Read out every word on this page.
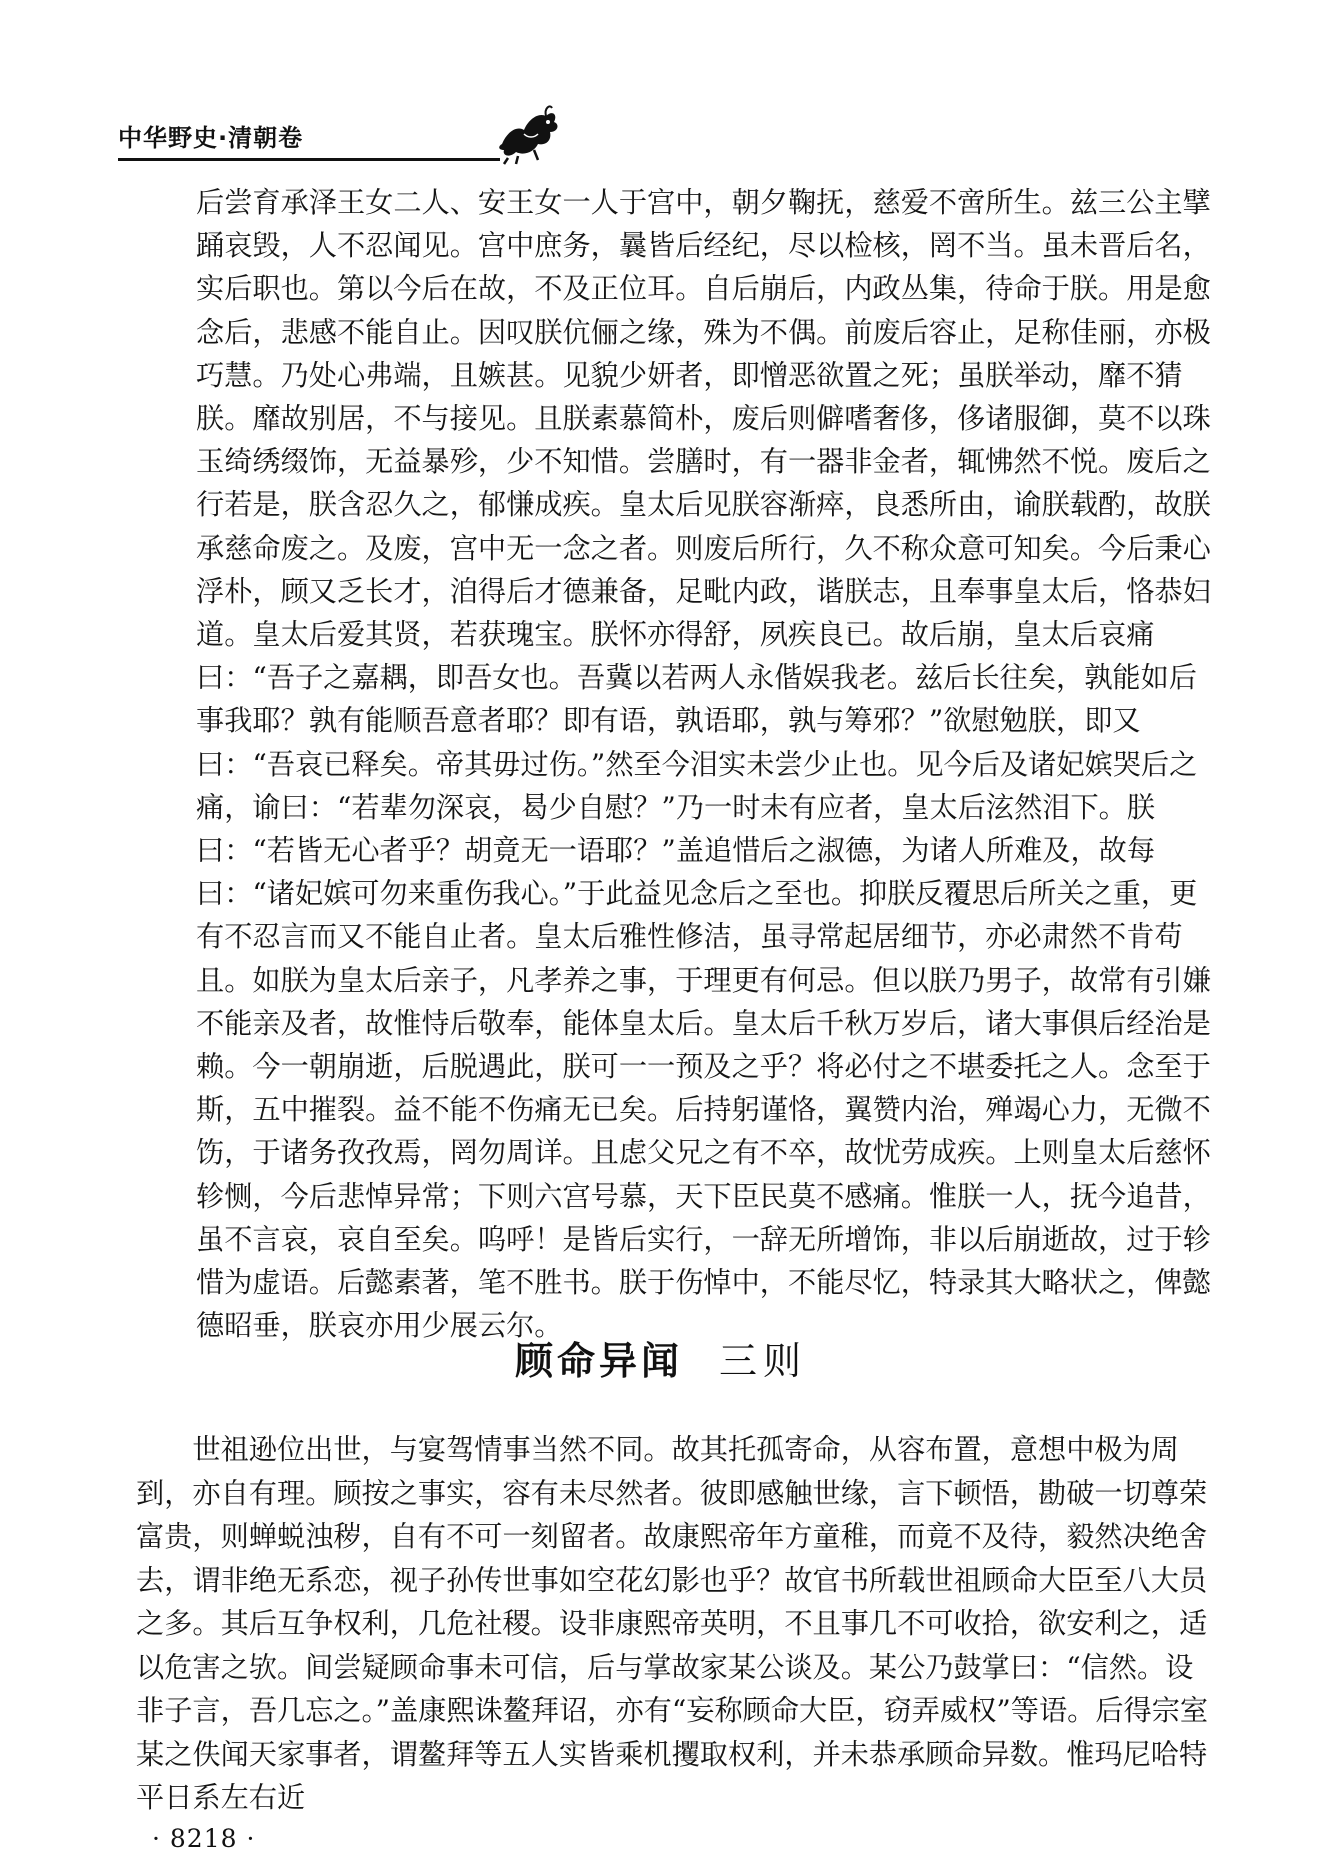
中华野史·清朝卷

后尝育承泽王女二人、安王女一人于宫中，朝夕鞠抚，慈爱不啻所生。兹三公主擘踊哀毁，人不忍闻见。宫中庶务，曩皆后经纪，尽以检核，罔不当。虽未晋后名，实后职也。第以今后在故，不及正位耳。自后崩后，内政丛集，待命于朕。用是愈念后，悲感不能自止。因叹朕伉俪之缘，殊为不偶。前废后容止，足称佳丽，亦极巧慧。乃处心弗端，且嫉甚。见貌少妍者，即憎恶欲置之死；虽朕举动，靡不猜朕。靡故别居，不与接见。且朕素慕简朴，废后则僻嗜奢侈，侈诸服御，莫不以珠玉绮绣缀饰，无益暴殄，少不知惜。尝膳时，有一器非金者，辄怫然不悦。废后之行若是，朕含忍久之，郁慊成疾。皇太后见朕容渐瘁，良悉所由，谕朕载酌，故朕承慈命废之。及废，宫中无一念之者。则废后所行，久不称众意可知矣。今后秉心浮朴，顾又乏长才，洎得后才德兼备，足毗内政，谐朕志，且奉事皇太后，恪恭妇道。皇太后爱其贤，若获瑰宝。朕怀亦得舒，夙疾良已。故后崩，皇太后哀痛曰：“吾子之嘉耦，即吾女也。吾冀以若两人永偕娱我老。兹后长往矣，孰能如后事我耶？孰有能顺吾意者耶？即有语，孰语耶，孰与筹邪？”欲慰勉朕，即又曰：“吾哀已释矣。帝其毋过伤。”然至今泪实未尝少止也。见今后及诸妃嫔哭后之痛，谕曰：“若辈勿深哀，曷少自慰？”乃一时未有应者，皇太后泫然泪下。朕曰：“若皆无心者乎？胡竟无一语耶？”盖追惜后之淑德，为诸人所难及，故每曰：“诸妃嫔可勿来重伤我心。”于此益见念后之至也。抑朕反覆思后所关之重，更有不忍言而又不能自止者。皇太后雅性修洁，虽寻常起居细节，亦必肃然不肯苟且。如朕为皇太后亲子，凡孝养之事，于理更有何忌。但以朕乃男子，故常有引嫌不能亲及者，故惟恃后敬奉，能体皇太后。皇太后千秋万岁后，诸大事俱后经治是赖。今一朝崩逝，后脱遇此，朕可一一预及之乎？将必付之不堪委托之人。念至于斯，五中摧裂。益不能不伤痛无已矣。后持躬谨恪，翼赞内治，殚竭心力，无微不饬，于诸务孜孜焉，罔勿周详。且虑父兄之有不卒，故忧劳成疾。上则皇太后慈怀轸恻，今后悲悼异常；下则六宫号慕，天下臣民莫不感痛。惟朕一人，抚今追昔，虽不言哀，哀自至矣。呜呼！是皆后实行，一辞无所增饰，非以后崩逝故，过于轸惜为虚语。后懿素著，笔不胜书。朕于伤悼中，不能尽忆，特录其大略状之，俾懿德昭垂，朕哀亦用少展云尔。

顾命异闻 三则

世祖逊位出世，与宴驾情事当然不同。故其托孤寄命，从容布置，意想中极为周到，亦自有理。顾按之事实，容有未尽然者。彼即感触世缘，言下顿悟，勘破一切尊荣富贵，则蝉蜕浊秽，自有不可一刻留者。故康熙帝年方童稚，而竟不及待，毅然决绝舍去，谓非绝无系恋，视子孙传世事如空花幻影也乎？故官书所载世祖顾命大臣至八大员之多。其后互争权利，几危社稷。设非康熙帝英明，不且事几不可收拾，欲安利之，适以危害之欤。间尝疑顾命事未可信，后与掌故家某公谈及。某公乃鼓掌曰：“信然。设非子言，吾几忘之。”盖康熙诛鳌拜诏，亦有“妄称顾命大臣，窃弄威权”等语。后得宗室某之佚闻天家事者，谓鳌拜等五人实皆乘机攫取权利，并未恭承顾命异数。惟玛尼哈特平日系左右近

· 8218 ·
